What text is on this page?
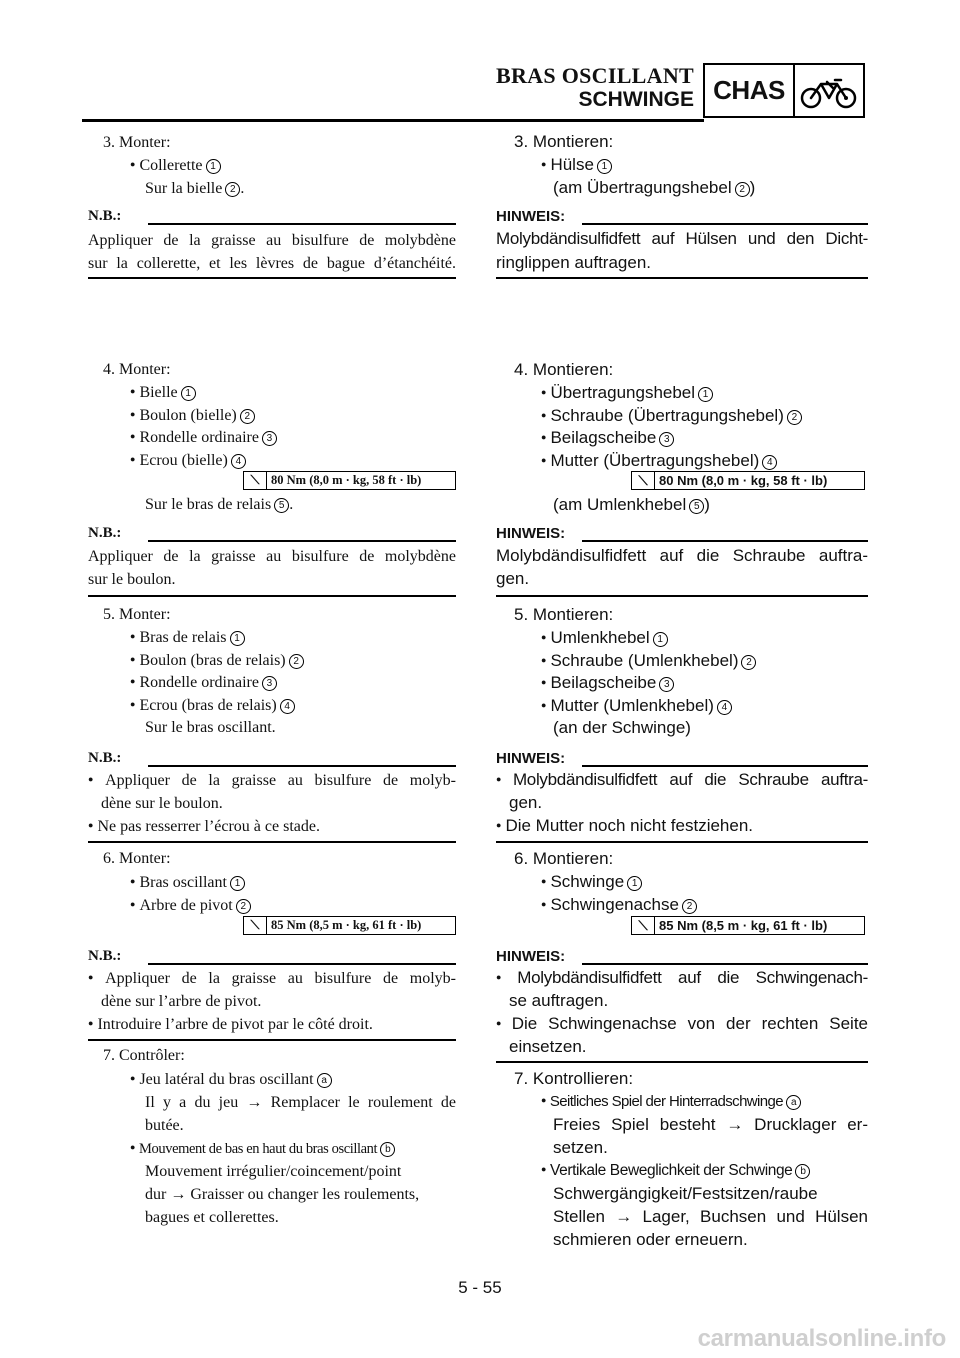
BRAS OSCILLANT
SCHWINGE CHAS
3. Monter:
● Collerette 1
Sur la bielle 2 .
N.B.:
Appliquer de la graisse au bisulfure de molybdène
sur la collerette, et les lèvres de bague d’étanchéité.
4. Monter:
● Bielle 1
● Boulon (bielle) 2
● Rondelle ordinaire 3
● Ecrou (bielle) 4
⟍ 80 Nm (8,0 m · kg, 58 ft · lb)
Sur le bras de relais 5 .
N.B.:
Appliquer de la graisse au bisulfure de molybdène
sur le boulon.
5. Monter:
● Bras de relais 1
● Boulon (bras de relais) 2
● Rondelle ordinaire 3
● Ecrou (bras de relais) 4
Sur le bras oscillant.
N.B.:
● Appliquer de la graisse au bisulfure de molyb-
dène sur le boulon.
● Ne pas resserrer l’écrou à ce stade.
6. Monter:
● Bras oscillant 1
● Arbre de pivot 2
⟍ 85 Nm (8,5 m · kg, 61 ft · lb)
N.B.:
● Appliquer de la graisse au bisulfure de molyb-
dène sur l’arbre de pivot.
● Introduire l’arbre de pivot par le côté droit.
7. Contrôler:
● Jeu latéral du bras oscillant a
Il y a du jeu → Remplacer le roulement de
butée.
● Mouvement de bas en haut du bras oscillant b
Mouvement irrégulier/coincement/point
dur → Graisser ou changer les roulements,
bagues et collerettes.
3. Montieren:
● Hülse 1
(am Übertragungshebel 2 )
HINWEIS:
Molybdändisulfidfett auf Hülsen und den Dicht-
ringlippen auftragen.
4. Montieren:
● Übertragungshebel 1
● Schraube (Übertragungshebel) 2
● Beilagscheibe 3
● Mutter (Übertragungshebel) 4
⟍ 80 Nm (8,0 m · kg, 58 ft · lb)
(am Umlenkhebel 5 )
HINWEIS:
Molybdändisulfidfett auf die Schraube auftra-
gen.
5. Montieren:
● Umlenkhebel 1
● Schraube (Umlenkhebel) 2
● Beilagscheibe 3
● Mutter (Umlenkhebel) 4
(an der Schwinge)
HINWEIS:
● Molybdändisulfidfett auf die Schraube auftra-
gen.
● Die Mutter noch nicht festziehen.
6. Montieren:
● Schwinge 1
● Schwingenachse 2
⟍ 85 Nm (8,5 m · kg, 61 ft · lb)
HINWEIS:
● Molybdändisulfidfett auf die Schwingenach-
se auftragen.
● Die Schwingenachse von der rechten Seite
einsetzen.
7. Kontrollieren:
● Seitliches Spiel der Hinterradschwinge a
Freies Spiel besteht → Drucklager er-
setzen.
● Vertikale Beweglichkeit der Schwinge b
Schwergängigkeit/Festsitzen/raube
Stellen → Lager, Buchsen und Hülsen
schmieren oder erneuern.
5 - 55
carmanualsonline.info
